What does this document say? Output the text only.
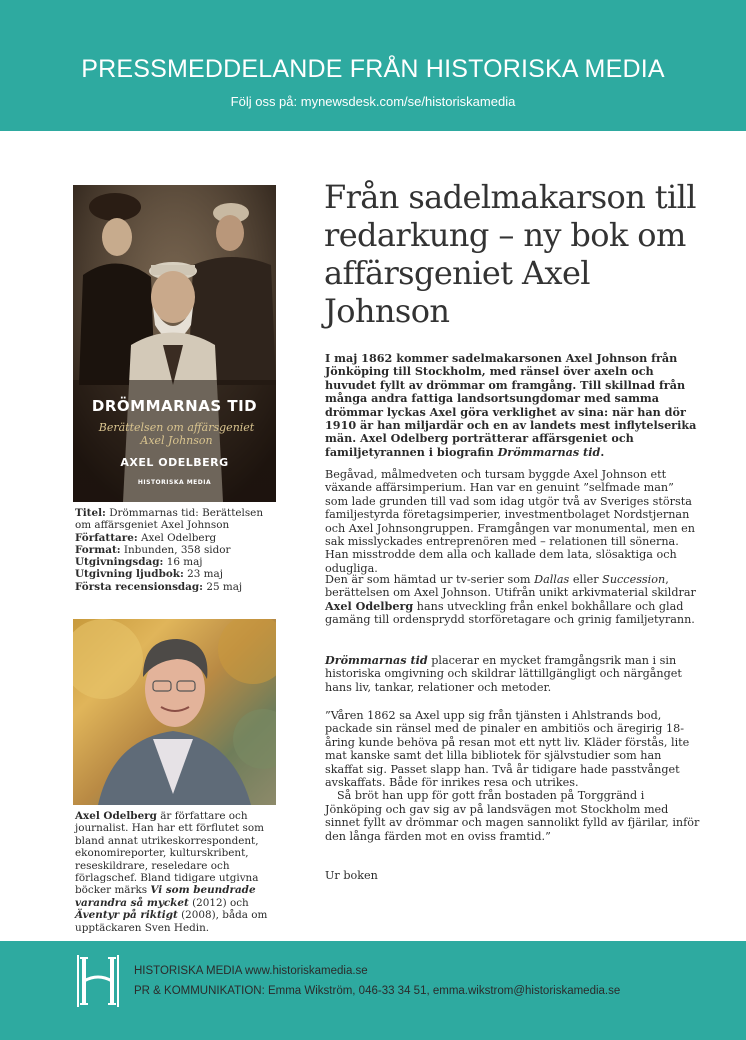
PRESSMEDDELANDE FRÅN HISTORISKA MEDIA
Följ oss på: mynewsdesk.com/se/historiskamedia
DRÖMMARNAS TID
Berättelsen om affärsgeniet
Axel Johnson
AXEL ODELBERG
HISTORISKA MEDIA
Titel: Drömmarnas tid: Berättelsen om affärsgeniet Axel Johnson
Författare: Axel Odelberg
Format: Inbunden, 358 sidor
Utgivningsdag: 16 maj
Utgivning ljudbok: 23 maj
Första recensionsdag: 25 maj
Axel Odelberg är författare och journalist. Han har ett förflutet som bland annat utrikeskorrespondent, ekonomireporter, kulturskribent, reseskildrare, reseledare och förlagschef. Bland tidigare utgivna böcker märks Vi som beundrade varandra så mycket (2012) och Äventyr på riktigt (2008), båda om upptäckaren Sven Hedin.
Från sadelmakarson till redarkung – ny bok om affärsgeniet Axel Johnson

I maj 1862 kommer sadelmakarsonen Axel Johnson från Jönköping till Stockholm, med ränsel över axeln och huvudet fyllt av drömmar om framgång. Till skillnad från många andra fattiga landsortsungdomar med samma drömmar lyckas Axel göra verklighet av sina: när han dör 1910 är han miljardär och en av landets mest inflytelserika män. Axel Odelberg porträtterar affärsgeniet och familjetyrannen i biografin Drömmarnas tid.

Begåvad, målmedveten och tursam byggde Axel Johnson ett växande affärsimperium. Han var en genuint ”selfmade man” som lade grunden till vad som idag utgör två av Sveriges största familjestyrda företagsimperier, investmentbolaget Nordstjernan och Axel Johnsongruppen. Framgången var monumental, men en sak misslyckades entreprenören med – relationen till sönerna. Han misstrodde dem alla och kallade dem lata, slösaktiga och odugliga.

Den är som hämtad ur tv-serier som Dallas eller Succession, berättelsen om Axel Johnson. Utifrån unikt arkivmaterial skildrar Axel Odelberg hans utveckling från enkel bokhållare och glad gamäng till ordensprydd storföretagare och grinig familjetyrann.

Drömmarnas tid placerar en mycket framgångsrik man i sin historiska omgivning och skildrar lättillgängligt och närgånget hans liv, tankar, relationer och metoder.

”Våren 1862 sa Axel upp sig från tjänsten i Ahlstrands bod, packade sin ränsel med de pinaler en ambitiös och äregirig 18-åring kunde behöva på resan mot ett nytt liv. Kläder förstås, lite mat kanske samt det lilla bibliotek för självstudier som han skaffat sig. Passet slapp han. Två år tidigare hade passtvånget avskaffats. Både för inrikes resa och utrikes.

Så bröt han upp för gott från bostaden på Torggränd i Jönköping och gav sig av på landsvägen mot Stockholm med sinnet fyllt av drömmar och magen sannolikt fylld av fjärilar, inför den långa färden mot en oviss framtid.”

Ur boken
HISTORISKA MEDIA www.historiskamedia.se
PR & KOMMUNIKATION: Emma Wikström, 046-33 34 51, emma.wikstrom@historiskamedia.se
